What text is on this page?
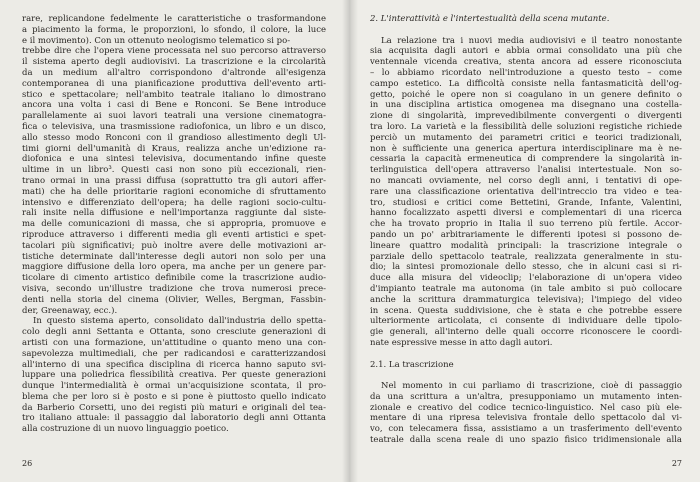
rare, replicandone fedelmente le caratteristiche o trasformandone
a piacimento la forma, le proporzioni, lo sfondo, il colore, la luce
e il movimento). Con un ottenuto neologismo telematico si po-
trebbe dire che l'opera viene processata nel suo percorso attraverso
il sistema aperto degli audiovisivi. La trascrizione e la circolarità
da un medium all'altro corrispondono d'altronde all'esigenza
contemporanea di una pianificazione produttiva dell'evento arti-
stico e spettacolare; nell'ambito teatrale italiano lo dimostrano
ancora una volta i casi di Bene e Ronconi. Se Bene introduce
parallelamente ai suoi lavori teatrali una versione cinematogra-
fica o televisiva, una trasmissione radiofonica, un libro e un disco,
allo stesso modo Ronconi con il grandioso allestimento degli Ul-
timi giorni dell'umanità di Kraus, realizza anche un'edizione ra-
diofonica e una sintesi televisiva, documentando infine queste
ultime in un libro³. Questi casi non sono più eccezionali, rien-
trano ormai in una prassi diffusa (soprattutto tra gli autori affer-
mati) che ha delle prioritarie ragioni economiche di sfruttamento
intensivo e differenziato dell'opera; ha delle ragioni socio-cultu-
rali insite nella diffusione e nell'importanza raggiunte dal siste-
ma delle comunicazioni di massa, che si appropria, promuove e
riproduce attraverso i differenti media gli eventi artistici e spet-
tacolari più significativi; può inoltre avere delle motivazioni ar-
tistiche determinate dall'interesse degli autori non solo per una
maggiore diffusione della loro opera, ma anche per un genere par-
ticolare di cimento artistico definibile come la trascrizione audio-
visiva, secondo un'illustre tradizione che trova numerosi prece-
denti nella storia del cinema (Olivier, Welles, Bergman, Fassbin-
der, Greenaway, ecc.).
In questo sistema aperto, consolidato dall'industria dello spetta-
colo degli anni Settanta e Ottanta, sono cresciute generazioni di
artisti con una formazione, un'attitudine o quanto meno una con-
sapevolezza multimediali, che per radicandosi e caratterizzandosi
all'interno di una specifica disciplina di ricerca hanno saputo svi-
luppare una poliedrica flessibilità creativa. Per queste generazioni
dunque l'intermedialità è ormai un'acquisizione scontata, il pro-
blema che per loro si è posto e si pone è piuttosto quello indicato
da Barberio Corsetti, uno dei registi più maturi e originali del tea-
tro italiano attuale: il passaggio dal laboratorio degli anni Ottanta
alla costruzione di un nuovo linguaggio poetico.
26
2. L'interattività e l'intertestualità della scena mutante.
La relazione tra i nuovi media audiovisivi e il teatro nonostante
sia acquisita dagli autori e abbia ormai consolidato una più che
ventennale vicenda creativa, stenta ancora ad essere riconosciuta
– lo abbiamo ricordato nell'introduzione a questo testo – come
campo estetico. La difficoltà consiste nella fantasmaticità dell'og-
getto, poiché le opere non si coagulano in un genere definito o
in una disciplina artistica omogenea ma disegnano una costella-
zione di singolarità, imprevedibilmente convergenti o divergenti
tra loro. La varietà e la flessibilità delle soluzioni registiche richiede
perciò un mutamento dei parametri critici e teorici tradizionali,
non è sufficiente una generica apertura interdisciplinare ma è ne-
cessaria la capacità ermeneutica di comprendere la singolarità in-
terlinguistica dell'opera attraverso l'analisi intertestuale. Non so-
no mancati ovviamente, nel corso degli anni, i tentativi di ope-
rare una classificazione orientativa dell'intreccio tra video e tea-
tro, studiosi e critici come Bettetini, Grande, Infante, Valentini,
hanno focalizzato aspetti diversi e complementari di una ricerca
che ha trovato proprio in Italia il suo terreno più fertile. Accor-
pando un po' arbitrariamente le differenti ipotesi si possono de-
lineare quattro modalità principali: la trascrizione integrale o
parziale dello spettacolo teatrale, realizzata generalmente in stu-
dio; la sintesi promozionale dello stesso, che in alcuni casi si ri-
duce alla misura del videoclip; l'elaborazione di un'opera video
d'impianto teatrale ma autonoma (in tale ambito si può collocare
anche la scrittura drammaturgica televisiva); l'impiego del video
in scena. Questa suddivisione, che è stata e che potrebbe essere
ulteriormente articolata, ci consente di individuare delle tipolo-
gie generali, all'interno delle quali occorre riconoscere le coordi-
nate espressive messe in atto dagli autori.
2.1. La trascrizione
Nel momento in cui parliamo di trascrizione, cioè di passaggio
da una scrittura a un'altra, presupponiamo un mutamento inten-
zionale e creativo del codice tecnico-linguistico. Nel caso più ele-
mentare di una ripresa televisiva frontale dello spettacolo dal vi-
vo, con telecamera fissa, assistiamo a un trasferimento dell'evento
teatrale dalla scena reale di uno spazio fisico tridimensionale alla
27
